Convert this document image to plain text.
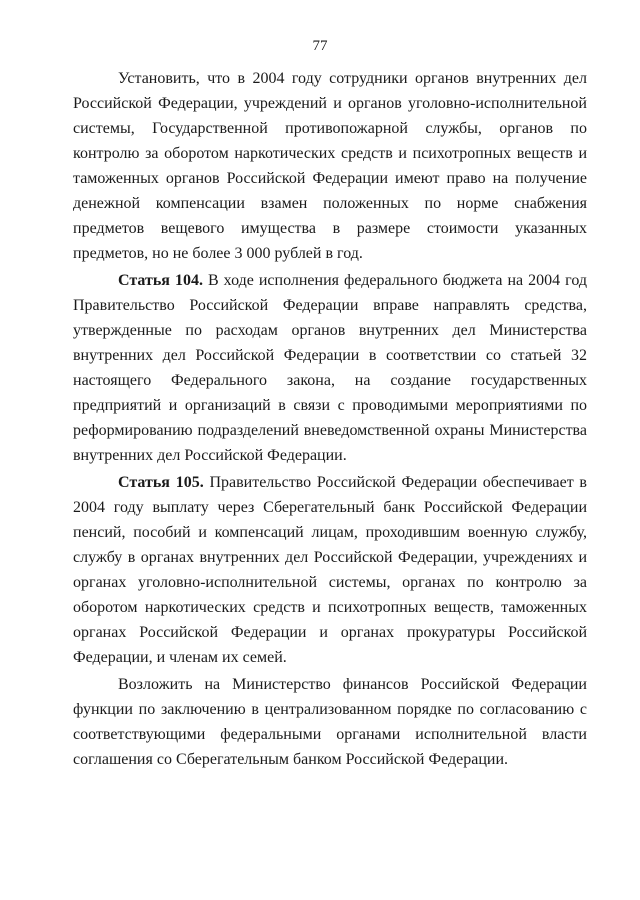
77

Установить, что в 2004 году сотрудники органов внутренних дел Российской Федерации, учреждений и органов уголовно-исполнительной системы, Государственной противопожарной службы, органов по контролю за оборотом наркотических средств и психотропных веществ и таможенных органов Российской Федерации имеют право на получение денежной компенсации взамен положенных по норме снабжения предметов вещевого имущества в размере стоимости указанных предметов, но не более 3 000 рублей в год.

Статья 104. В ходе исполнения федерального бюджета на 2004 год Правительство Российской Федерации вправе направлять средства, утвержденные по расходам органов внутренних дел Министерства внутренних дел Российской Федерации в соответствии со статьей 32 настоящего Федерального закона, на создание государственных предприятий и организаций в связи с проводимыми мероприятиями по реформированию подразделений вневедомственной охраны Министерства внутренних дел Российской Федерации.

Статья 105. Правительство Российской Федерации обеспечивает в 2004 году выплату через Сберегательный банк Российской Федерации пенсий, пособий и компенсаций лицам, проходившим военную службу, службу в органах внутренних дел Российской Федерации, учреждениях и органах уголовно-исполнительной системы, органах по контролю за оборотом наркотических средств и психотропных веществ, таможенных органах Российской Федерации и органах прокуратуры Российской Федерации, и членам их семей.

Возложить на Министерство финансов Российской Федерации функции по заключению в централизованном порядке по согласованию с соответствующими федеральными органами исполнительной власти соглашения со Сберегательным банком Российской Федерации.
